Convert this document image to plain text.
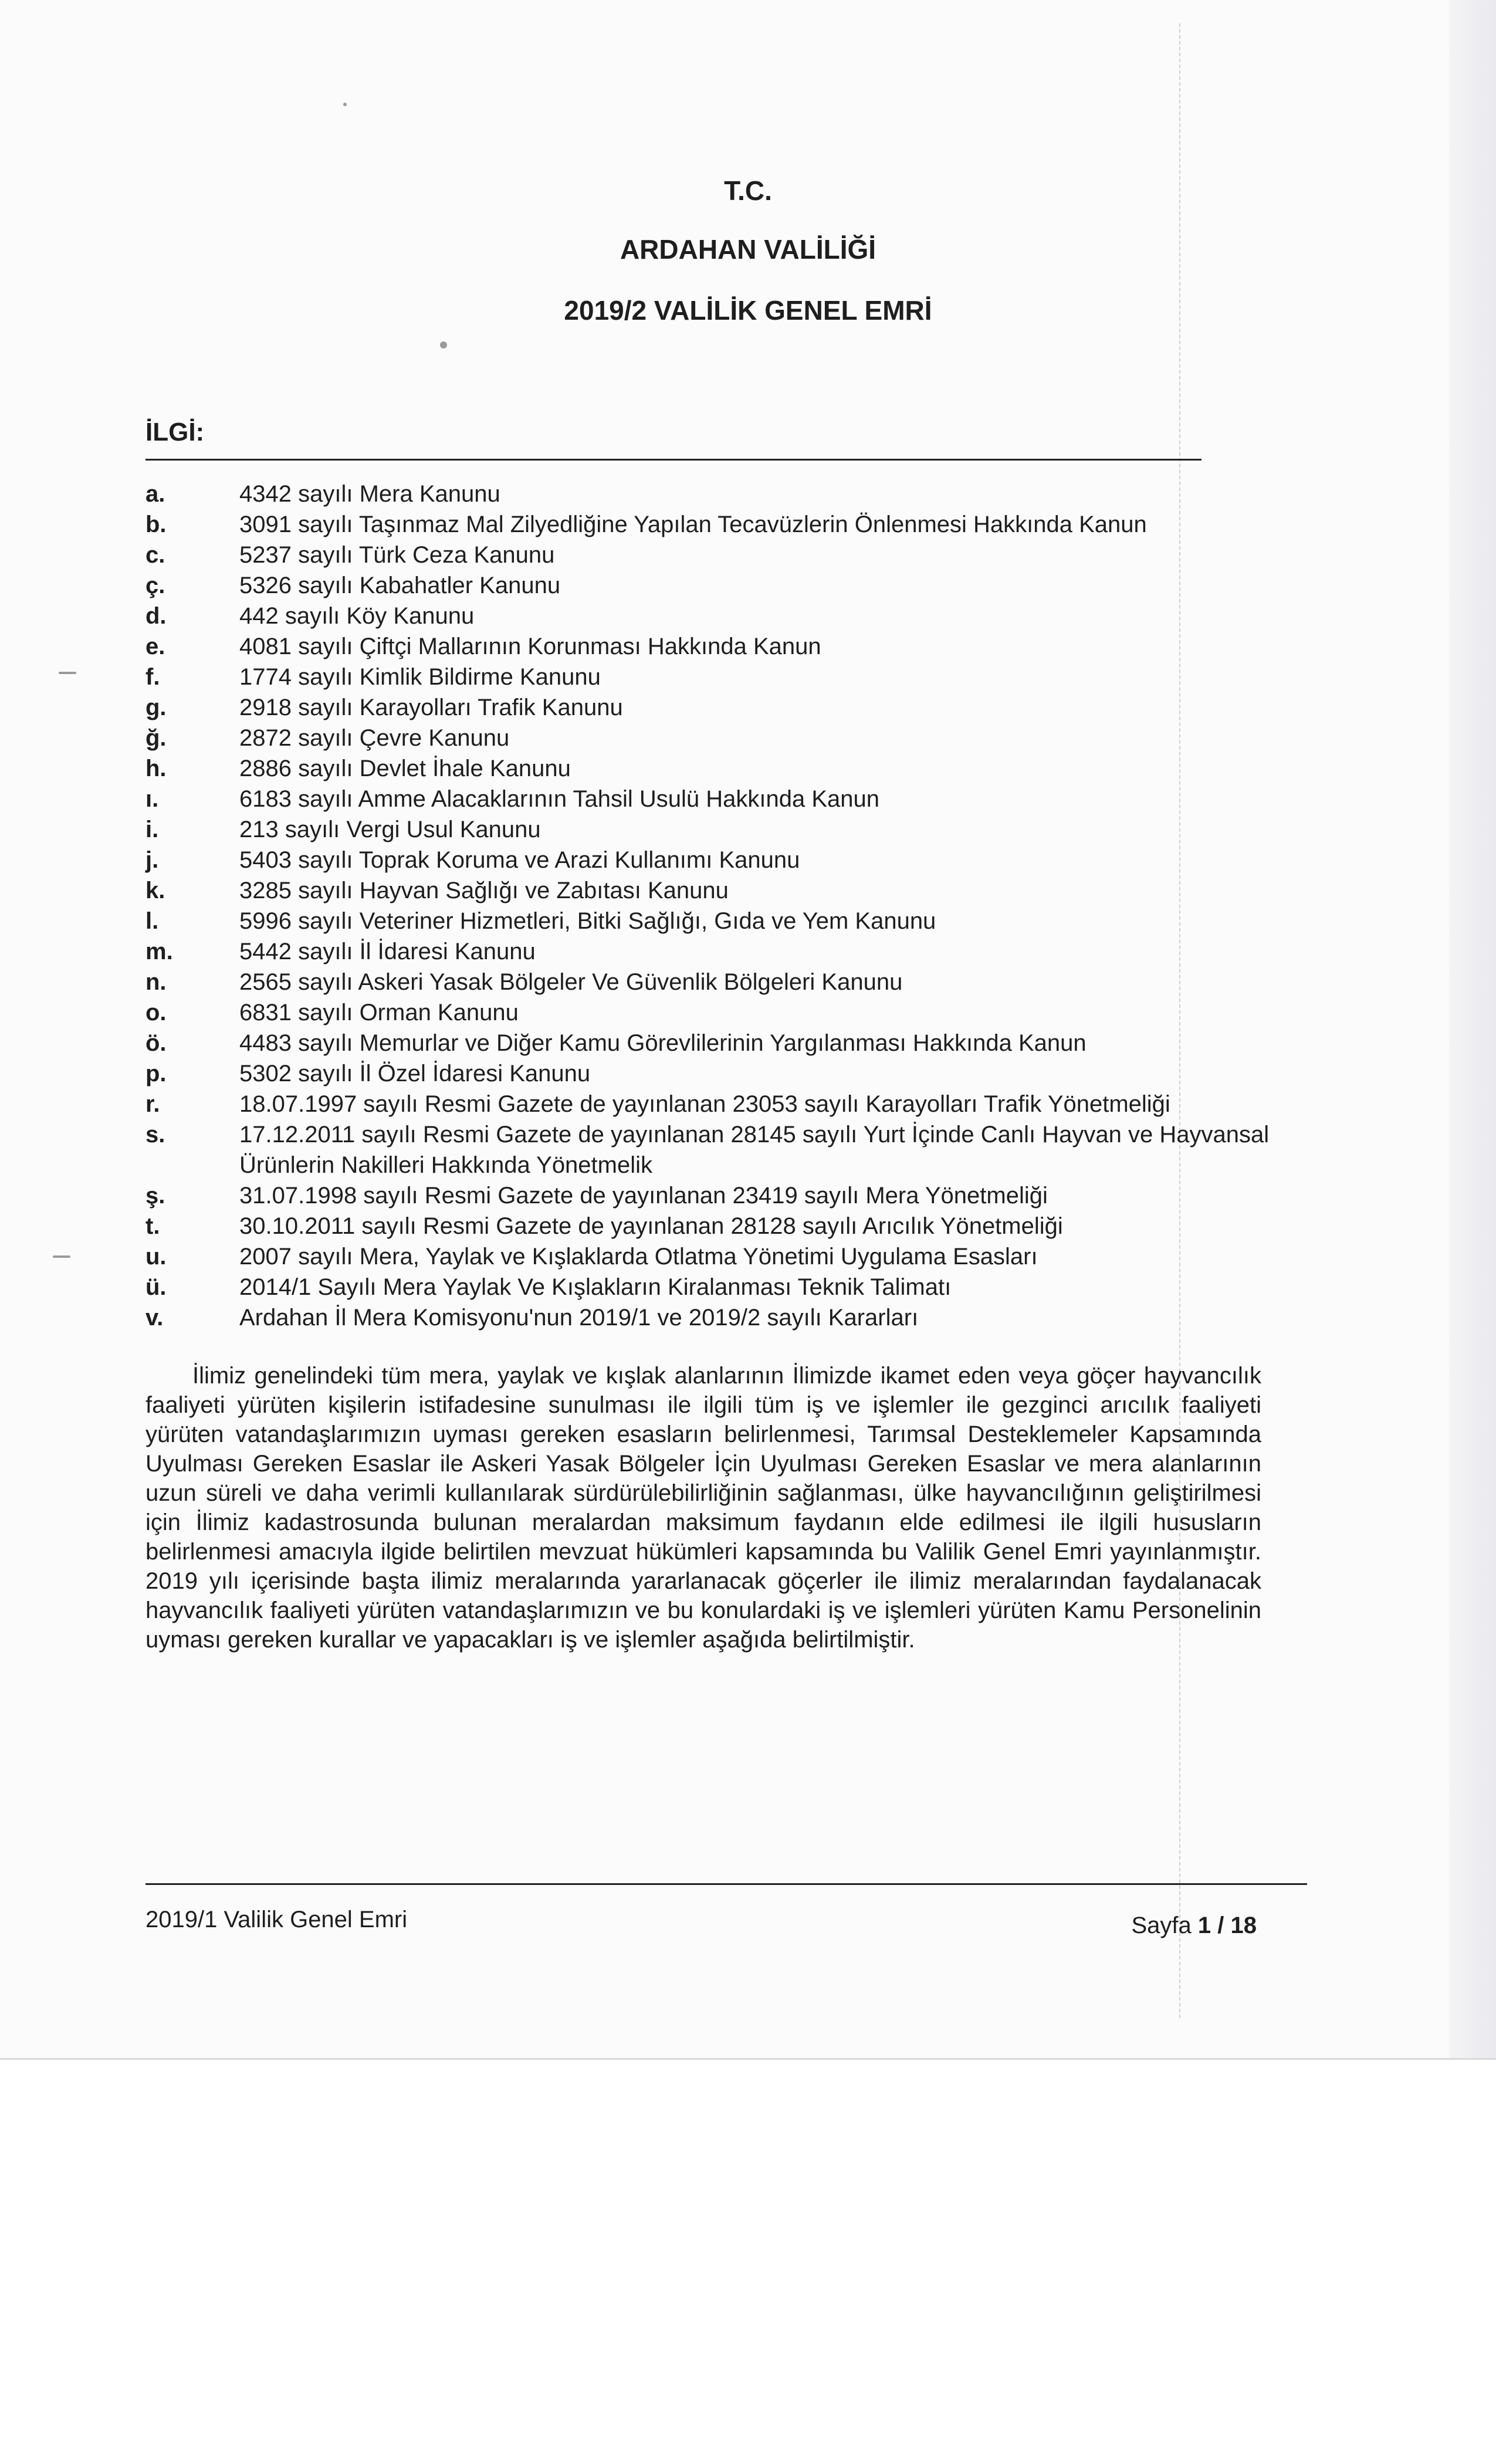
T.C.
ARDAHAN VALİLİĞİ
2019/2 VALİLİK GENEL EMRİ
İLGİ:
a.	4342 sayılı Mera Kanunu
b.	3091 sayılı Taşınmaz Mal Zilyedliğine Yapılan Tecavüzlerin Önlenmesi Hakkında Kanun
c.	5237 sayılı Türk Ceza Kanunu
ç.	5326 sayılı Kabahatler Kanunu
d.	442 sayılı Köy Kanunu
e.	4081 sayılı Çiftçi Mallarının Korunması Hakkında Kanun
f.	1774 sayılı Kimlik Bildirme Kanunu
g.	2918 sayılı Karayolları Trafik Kanunu
ğ.	2872 sayılı Çevre Kanunu
h.	2886 sayılı Devlet İhale Kanunu
ı.	6183 sayılı Amme Alacaklarının Tahsil Usulü Hakkında Kanun
i.	213 sayılı Vergi Usul Kanunu
j.	5403 sayılı Toprak Koruma ve Arazi Kullanımı Kanunu
k.	3285 sayılı Hayvan Sağlığı ve Zabıtası Kanunu
l.	5996 sayılı Veteriner Hizmetleri, Bitki Sağlığı, Gıda ve Yem Kanunu
m.	5442 sayılı İl İdaresi Kanunu
n.	2565 sayılı Askeri Yasak Bölgeler Ve Güvenlik Bölgeleri Kanunu
o.	6831 sayılı Orman Kanunu
ö.	4483 sayılı Memurlar ve Diğer Kamu Görevlilerinin Yargılanması Hakkında Kanun
p.	5302 sayılı İl Özel İdaresi Kanunu
r.	18.07.1997 sayılı Resmi Gazete de yayınlanan 23053 sayılı Karayolları Trafik Yönetmeliği
s.	17.12.2011 sayılı Resmi Gazete de yayınlanan 28145 sayılı Yurt İçinde Canlı Hayvan ve Hayvansal Ürünlerin Nakilleri Hakkında Yönetmelik
ş.	31.07.1998 sayılı Resmi Gazete de yayınlanan 23419 sayılı Mera Yönetmeliği
t.	30.10.2011 sayılı Resmi Gazete de yayınlanan 28128 sayılı Arıcılık Yönetmeliği
u.	2007 sayılı Mera, Yaylak ve Kışlaklarda Otlatma Yönetimi Uygulama Esasları
ü.	2014/1 Sayılı Mera Yaylak Ve Kışlakların Kiralanması Teknik Talimatı
v.	Ardahan İl Mera Komisyonu'nun 2019/1 ve 2019/2 sayılı Kararları

İlimiz genelindeki tüm mera, yaylak ve kışlak alanlarının İlimizde ikamet eden veya göçer hayvancılık faaliyeti yürüten kişilerin istifadesine sunulması ile ilgili tüm iş ve işlemler ile gezginci arıcılık faaliyeti yürüten vatandaşlarımızın uyması gereken esasların belirlenmesi, Tarımsal Desteklemeler Kapsamında Uyulması Gereken Esaslar ile Askeri Yasak Bölgeler İçin Uyulması Gereken Esaslar ve mera alanlarının uzun süreli ve daha verimli kullanılarak sürdürülebilirliğinin sağlanması, ülke hayvancılığının geliştirilmesi için İlimiz kadastrosunda bulunan meralardan maksimum faydanın elde edilmesi ile ilgili hususların belirlenmesi amacıyla ilgide belirtilen mevzuat hükümleri kapsamında bu Valilik Genel Emri yayınlanmıştır. 2019 yılı içerisinde başta ilimiz meralarında yararlanacak göçerler ile ilimiz meralarından faydalanacak hayvancılık faaliyeti yürüten vatandaşlarımızın ve bu konulardaki iş ve işlemleri yürüten Kamu Personelinin uyması gereken kurallar ve yapacakları iş ve işlemler aşağıda belirtilmiştir.

2019/1 Valilik Genel Emri	Sayfa 1 / 18
